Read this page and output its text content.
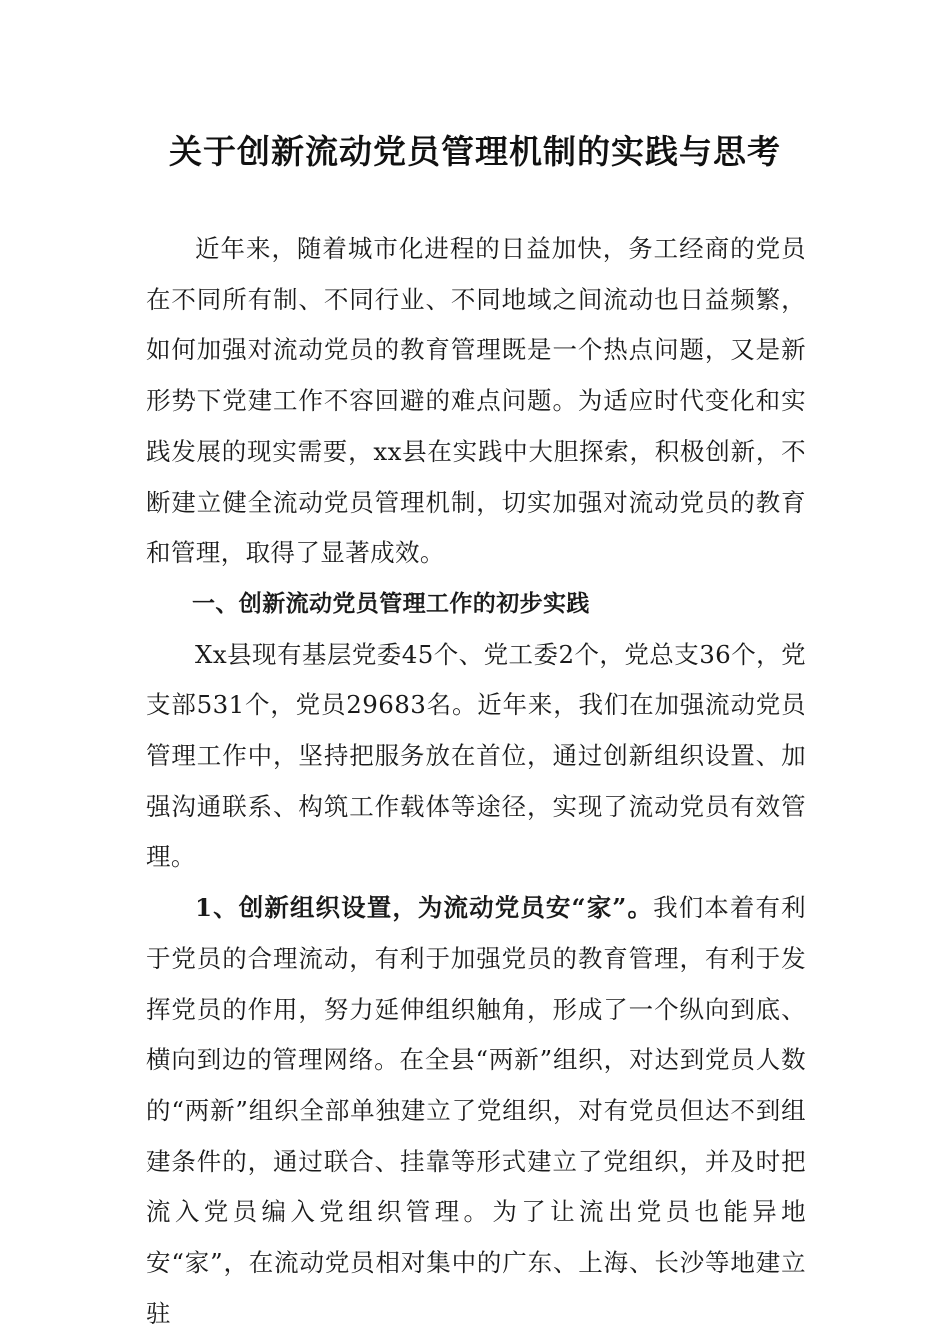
关于创新流动党员管理机制的实践与思考

近年来，随着城市化进程的日益加快，务工经商的党员在不同所有制、不同行业、不同地域之间流动也日益频繁，如何加强对流动党员的教育管理既是一个热点问题，又是新形势下党建工作不容回避的难点问题。为适应时代变化和实践发展的现实需要，xx县在实践中大胆探索，积极创新，不断建立健全流动党员管理机制，切实加强对流动党员的教育和管理，取得了显著成效。

一、创新流动党员管理工作的初步实践

Xx县现有基层党委45个、党工委2个，党总支36个，党支部531个，党员29683名。近年来，我们在加强流动党员管理工作中，坚持把服务放在首位，通过创新组织设置、加强沟通联系、构筑工作载体等途径，实现了流动党员有效管理。

1、创新组织设置，为流动党员安“家”。我们本着有利于党员的合理流动，有利于加强党员的教育管理，有利于发挥党员的作用，努力延伸组织触角，形成了一个纵向到底、横向到边的管理网络。在全县“两新”组织，对达到党员人数的“两新”组织全部单独建立了党组织，对有党员但达不到组建条件的，通过联合、挂靠等形式建立了党组织，并及时把流入党员编入党组织管理。为了让流出党员也能异地安“家”，在流动党员相对集中的广东、上海、长沙等地建立驻
